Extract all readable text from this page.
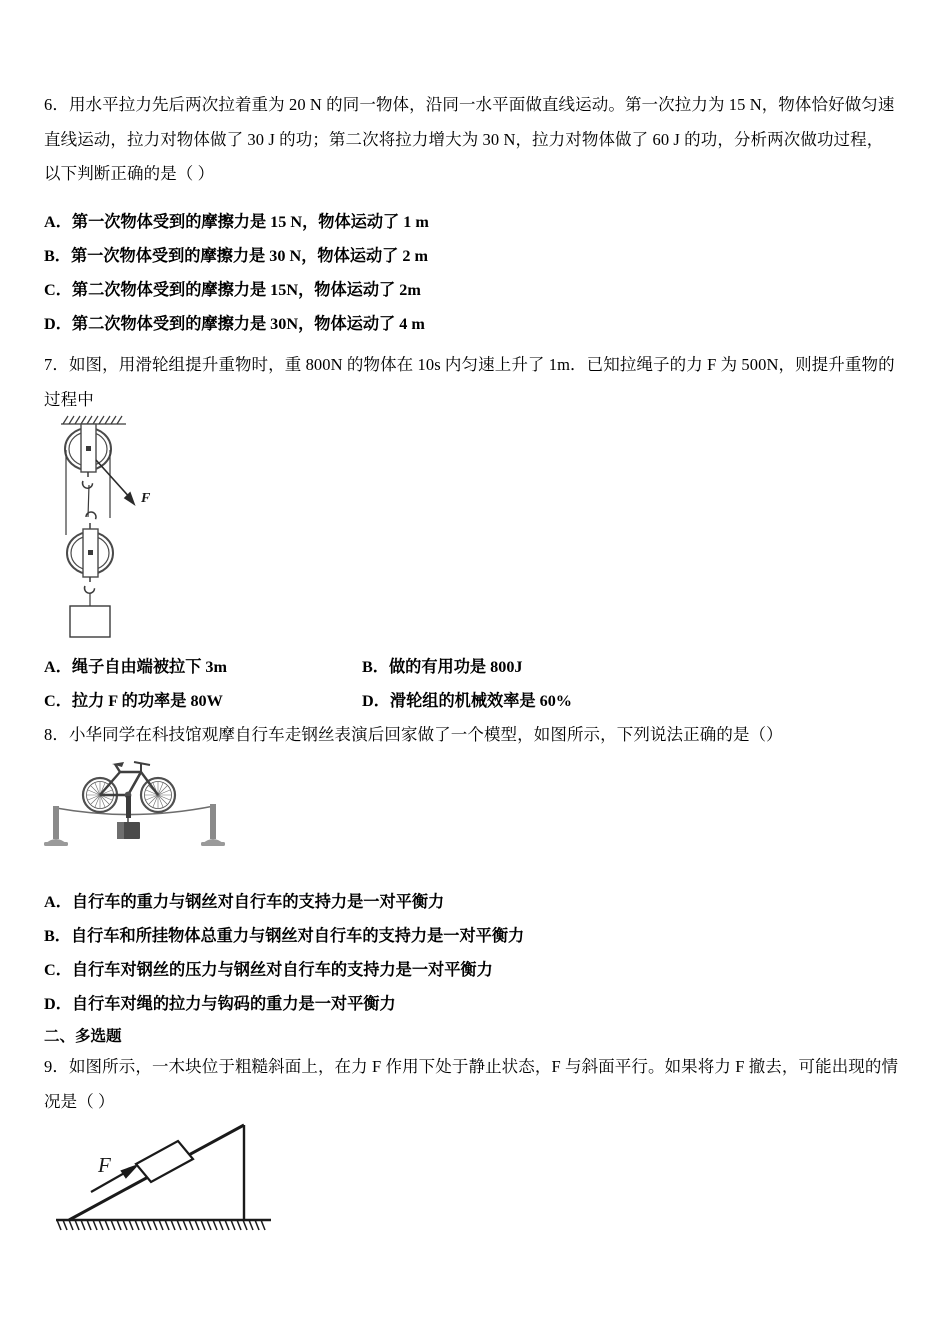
6．用水平拉力先后两次拉着重为 20 N 的同一物体，沿同一水平面做直线运动。第一次拉力为 15 N，物体恰好做匀速
直线运动，拉力对物体做了 30 J 的功；第二次将拉力增大为 30 N，拉力对物体做了 60 J 的功，分析两次做功过程，
以下判断正确的是（ ）
A．第一次物体受到的摩擦力是 15 N，物体运动了 1 m
B．第一次物体受到的摩擦力是 30 N，物体运动了 2 m
C．第二次物体受到的摩擦力是 15N，物体运动了 2m
D．第二次物体受到的摩擦力是 30N，物体运动了 4 m
7．如图，用滑轮组提升重物时，重 800N 的物体在 10s 内匀速上升了 1m．已知拉绳子的力 F 为 500N，则提升重物的
过程中
F
A．绳子自由端被拉下 3m	B．做的有用功是 800J
C．拉力 F 的功率是 80W	D．滑轮组的机械效率是 60%
8．小华同学在科技馆观摩自行车走钢丝表演后回家做了一个模型，如图所示，下列说法正确的是（）
A．自行车的重力与钢丝对自行车的支持力是一对平衡力
B．自行车和所挂物体总重力与钢丝对自行车的支持力是一对平衡力
C．自行车对钢丝的压力与钢丝对自行车的支持力是一对平衡力
D．自行车对绳的拉力与钩码的重力是一对平衡力
二、多选题
9．如图所示，一木块位于粗糙斜面上，在力 F 作用下处于静止状态，F 与斜面平行。如果将力 F 撤去，可能出现的情
况是（ ）
F
